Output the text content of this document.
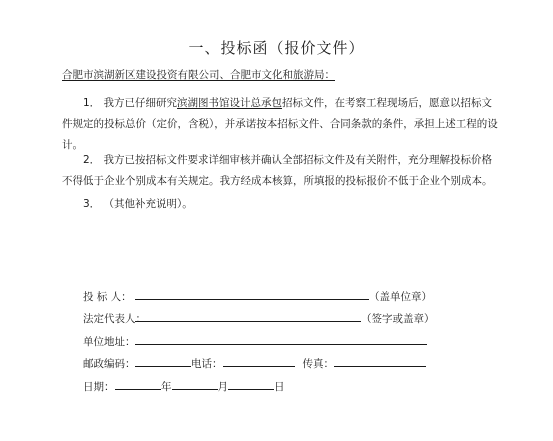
一、投标函（报价文件）
合肥市滨湖新区建设投资有限公司、合肥市文化和旅游局：

1． 我方已仔细研究滨湖图书馆设计总承包招标文件，在考察工程现场后，愿意以招标文件规定的投标总价（定价，含税），并承诺按本招标文件、合同条款的条件，承担上述工程的设计。

2． 我方已按招标文件要求详细审核并确认全部招标文件及有关附件，充分理解投标价格不得低于企业个别成本有关规定。我方经成本核算，所填报的投标报价不低于企业个别成本。

3． （其他补充说明）。

投 标 人：	（盖单位章）
法定代表人：	（签字或盖章）
单位地址：
邮政编码：	电话：	传真：
日期：	年	月	日
